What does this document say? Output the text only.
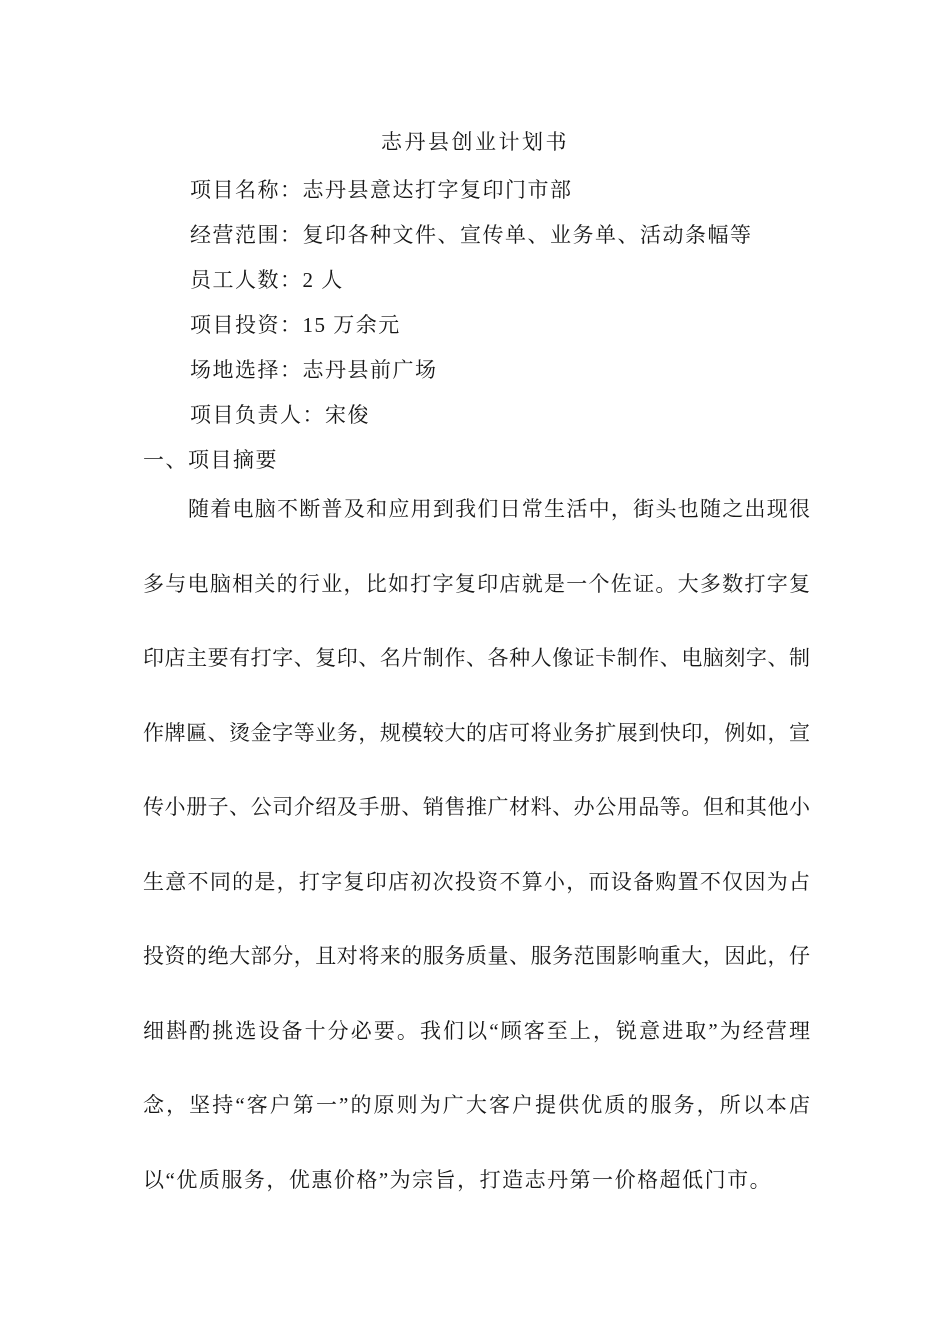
志丹县创业计划书
项目名称：志丹县意达打字复印门市部
经营范围：复印各种文件、宣传单、业务单、活动条幅等
员工人数：2 人
项目投资：15 万余元
场地选择：志丹县前广场
项目负责人：宋俊
一、项目摘要
随着电脑不断普及和应用到我们日常生活中，街头也随之出现很
多与电脑相关的行业，比如打字复印店就是一个佐证。大多数打字复
印店主要有打字、复印、名片制作、各种人像证卡制作、电脑刻字、制
作牌匾、烫金字等业务，规模较大的店可将业务扩展到快印，例如，宣
传小册子、公司介绍及手册、销售推广材料、办公用品等。但和其他小
生意不同的是，打字复印店初次投资不算小，而设备购置不仅因为占
投资的绝大部分，且对将来的服务质量、服务范围影响重大，因此，仔
细斟酌挑选设备十分必要。我们以“顾客至上，锐意进取”为经营理
念，坚持“客户第一”的原则为广大客户提供优质的服务，所以本店
以“优质服务，优惠价格”为宗旨，打造志丹第一价格超低门市。
